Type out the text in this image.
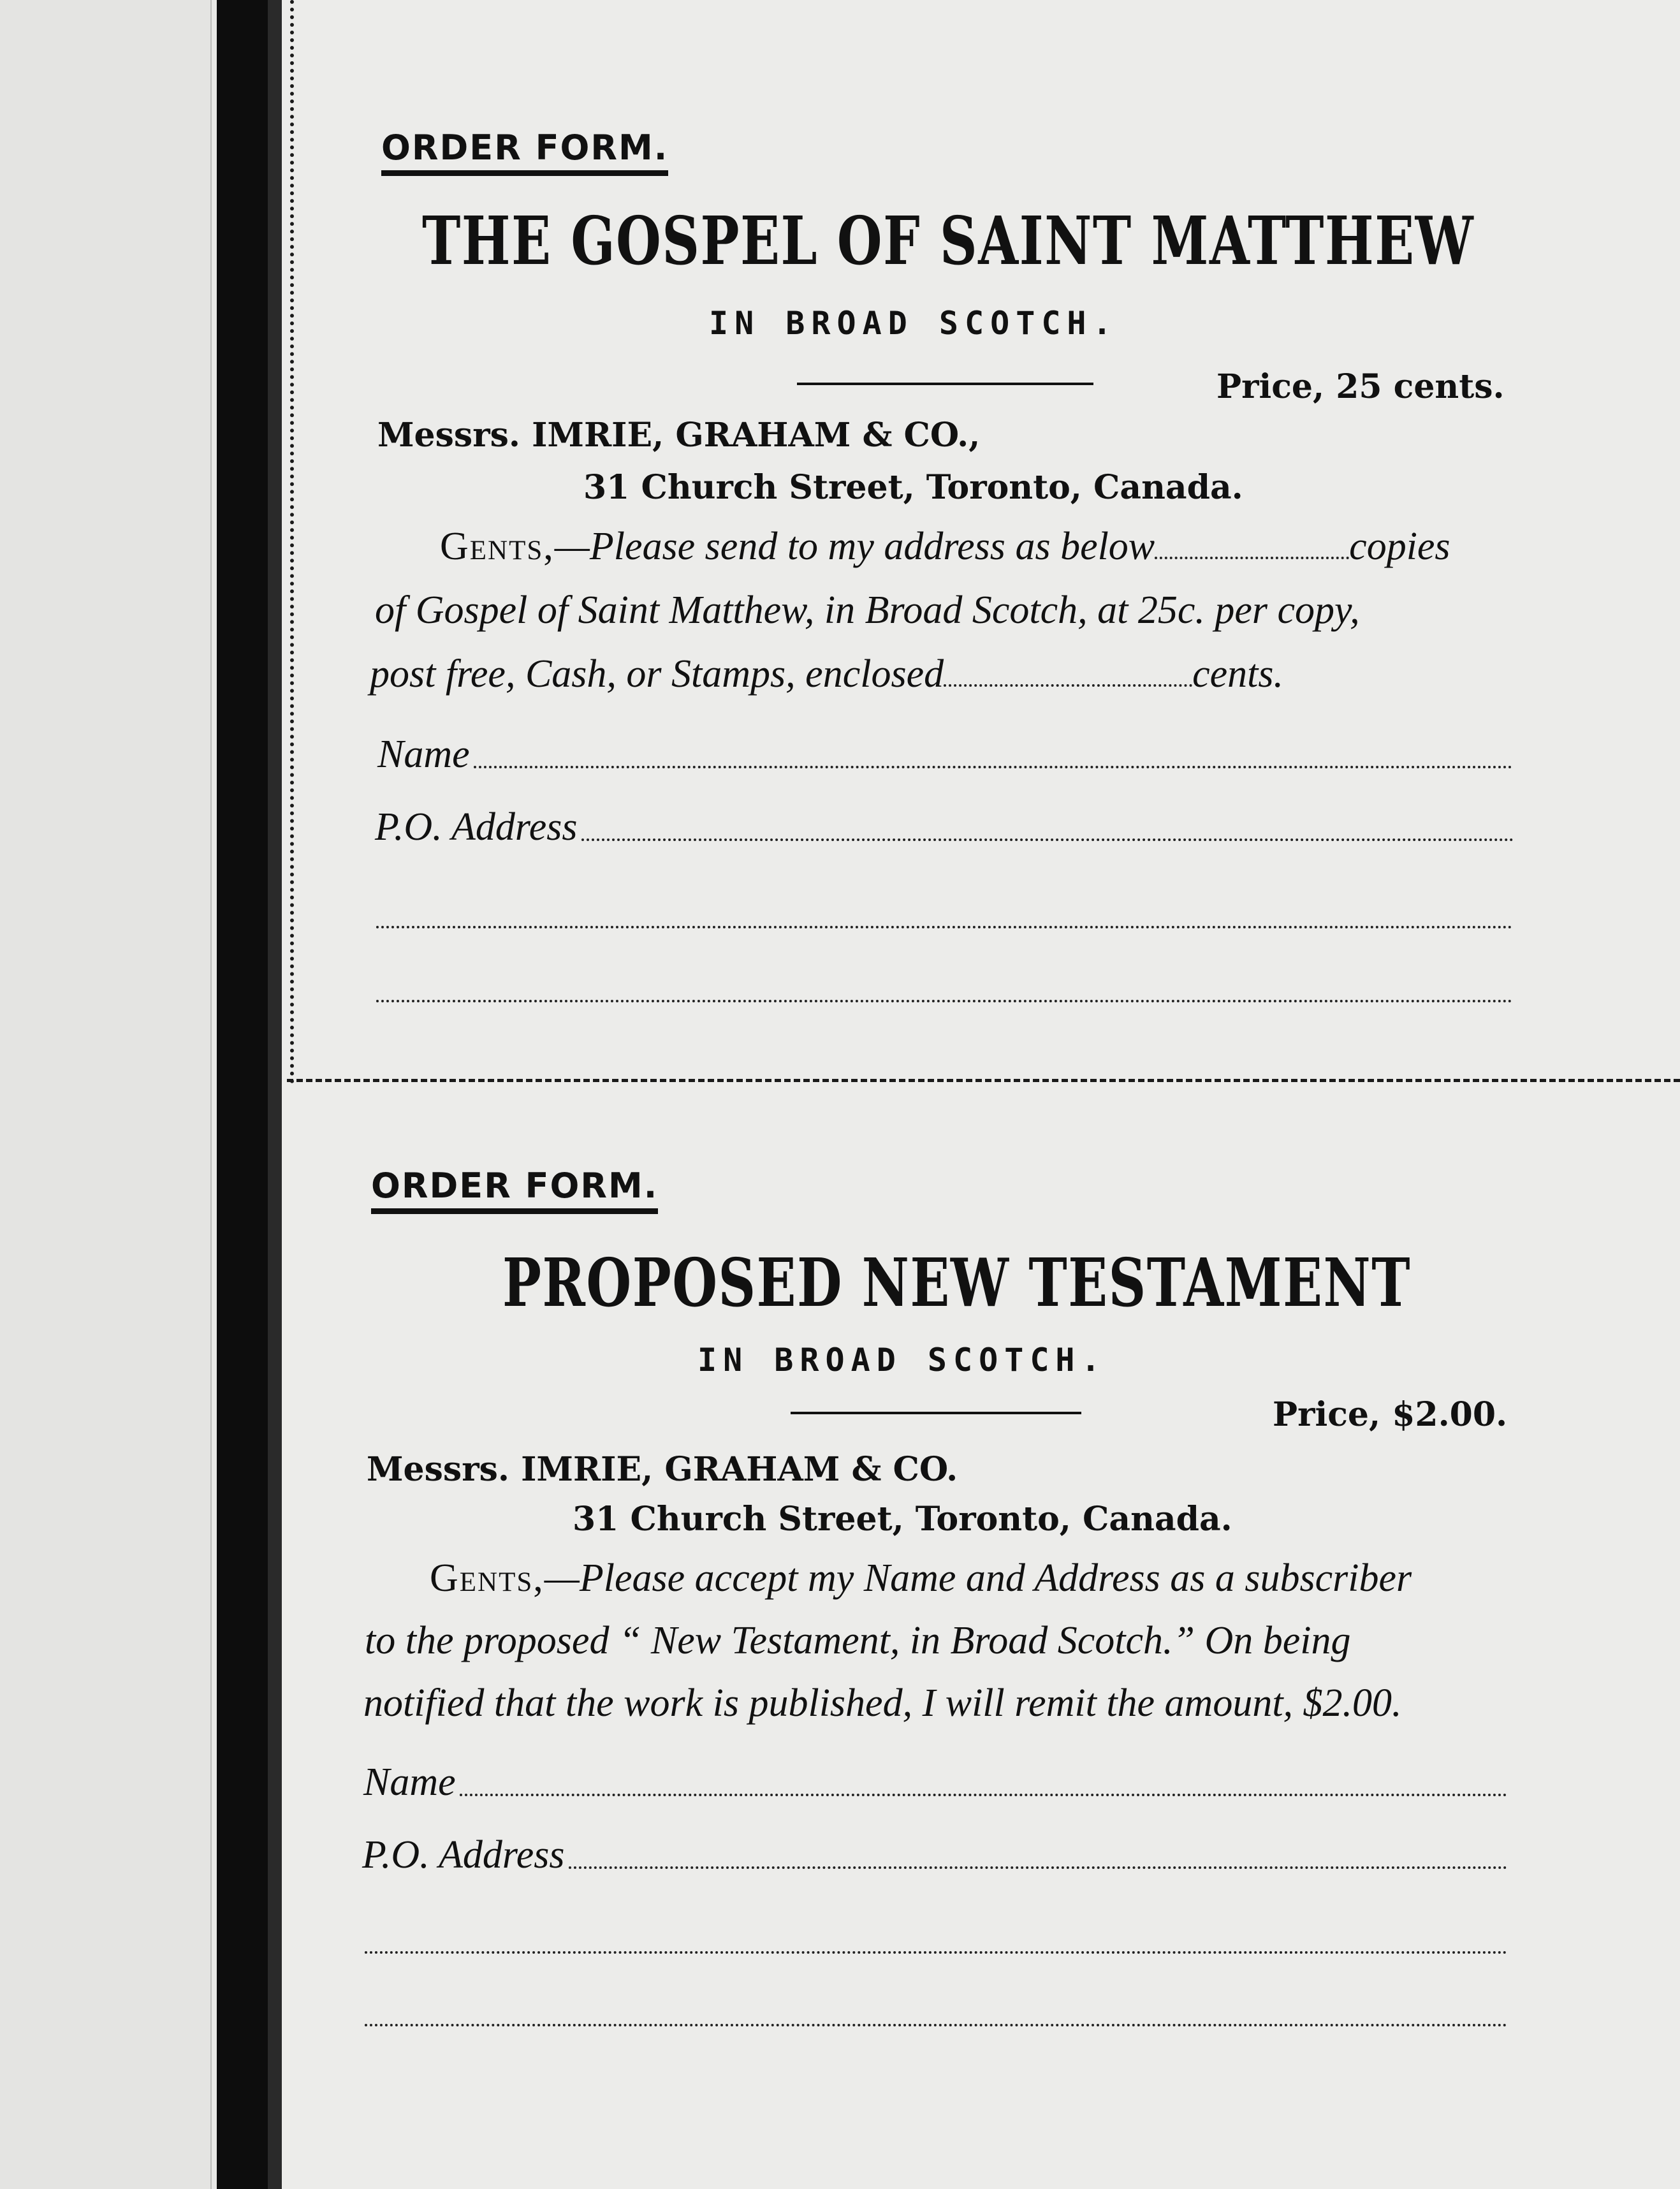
ORDER FORM.
THE GOSPEL OF SAINT MATTHEW
IN BROAD SCOTCH.
Price, 25 cents.
Messrs. IMRIE, GRAHAM & CO.,
31 Church Street, Toronto, Canada.
Gents,—Please send to my address as below	copies
of Gospel of Saint Matthew, in Broad Scotch, at 25c. per copy,
post free, Cash, or Stamps, enclosed	cents.
Name
P.O. Address
ORDER FORM.
PROPOSED NEW TESTAMENT
IN BROAD SCOTCH.
Price, $2.00.
Messrs. IMRIE, GRAHAM & CO.
31 Church Street, Toronto, Canada.
Gents,—Please accept my Name and Address as a subscriber
to the proposed “ New Testament, in Broad Scotch.” On being
notified that the work is published, I will remit the amount, $2.00.
Name
P.O. Address
